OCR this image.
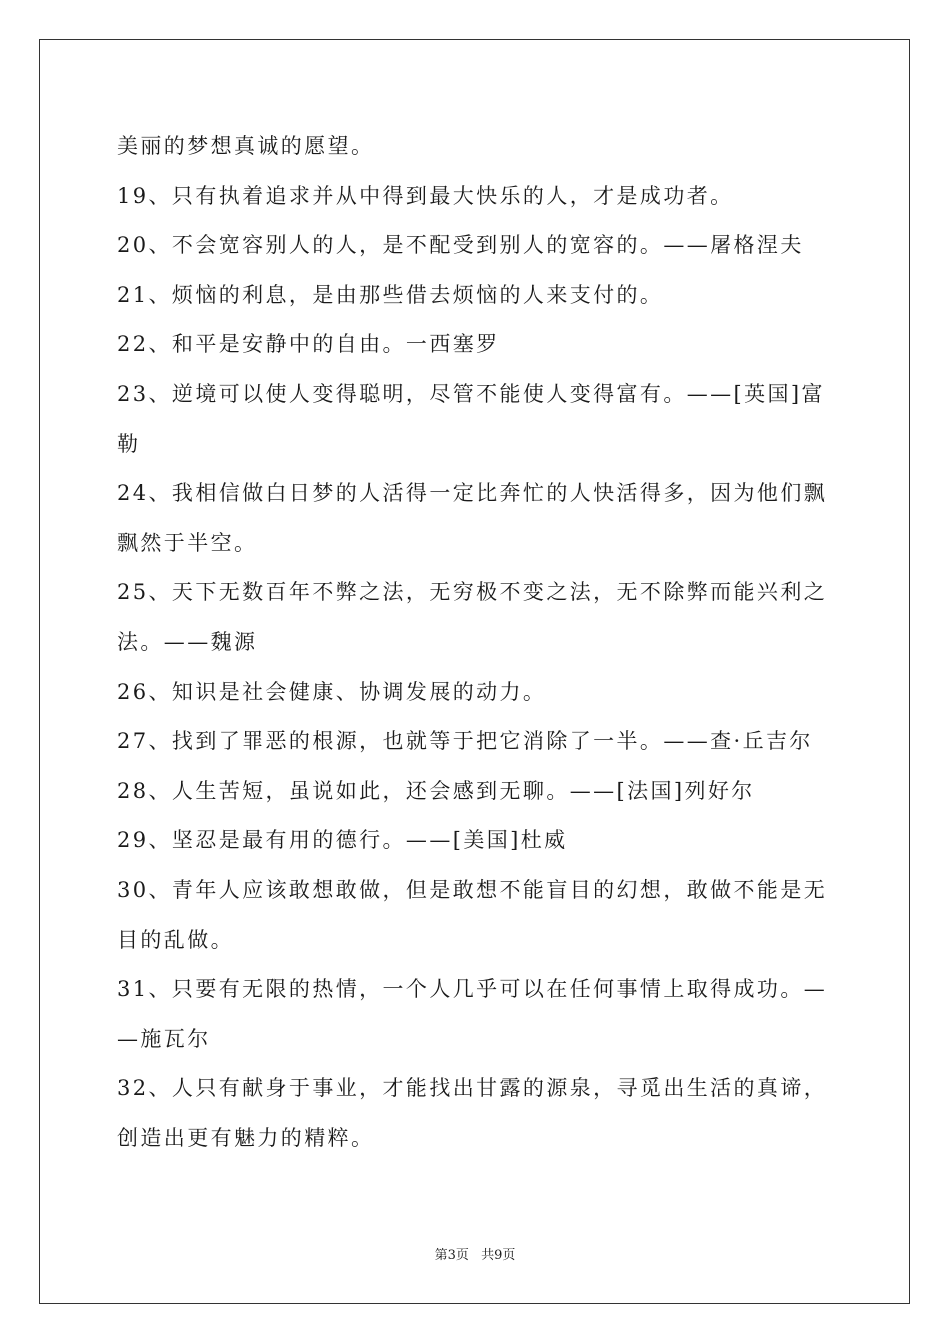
美丽的梦想真诚的愿望。
19、只有执着追求并从中得到最大快乐的人，才是成功者。
20、不会宽容别人的人，是不配受到别人的宽容的。——屠格涅夫
21、烦恼的利息，是由那些借去烦恼的人来支付的。
22、和平是安静中的自由。一西塞罗
23、逆境可以使人变得聪明，尽管不能使人变得富有。——[英国]富
勒
24、我相信做白日梦的人活得一定比奔忙的人快活得多，因为他们飘
飘然于半空。
25、天下无数百年不弊之法，无穷极不变之法，无不除弊而能兴利之
法。——魏源
26、知识是社会健康、协调发展的动力。
27、找到了罪恶的根源，也就等于把它消除了一半。——查·丘吉尔
28、人生苦短，虽说如此，还会感到无聊。——[法国]列好尔
29、坚忍是最有用的德行。——[美国]杜威
30、青年人应该敢想敢做，但是敢想不能盲目的幻想，敢做不能是无
目的乱做。
31、只要有无限的热情，一个人几乎可以在任何事情上取得成功。—
—施瓦尔
32、人只有献身于事业，才能找出甘露的源泉，寻觅出生活的真谛，
创造出更有魅力的精粹。
第3页 共9页
